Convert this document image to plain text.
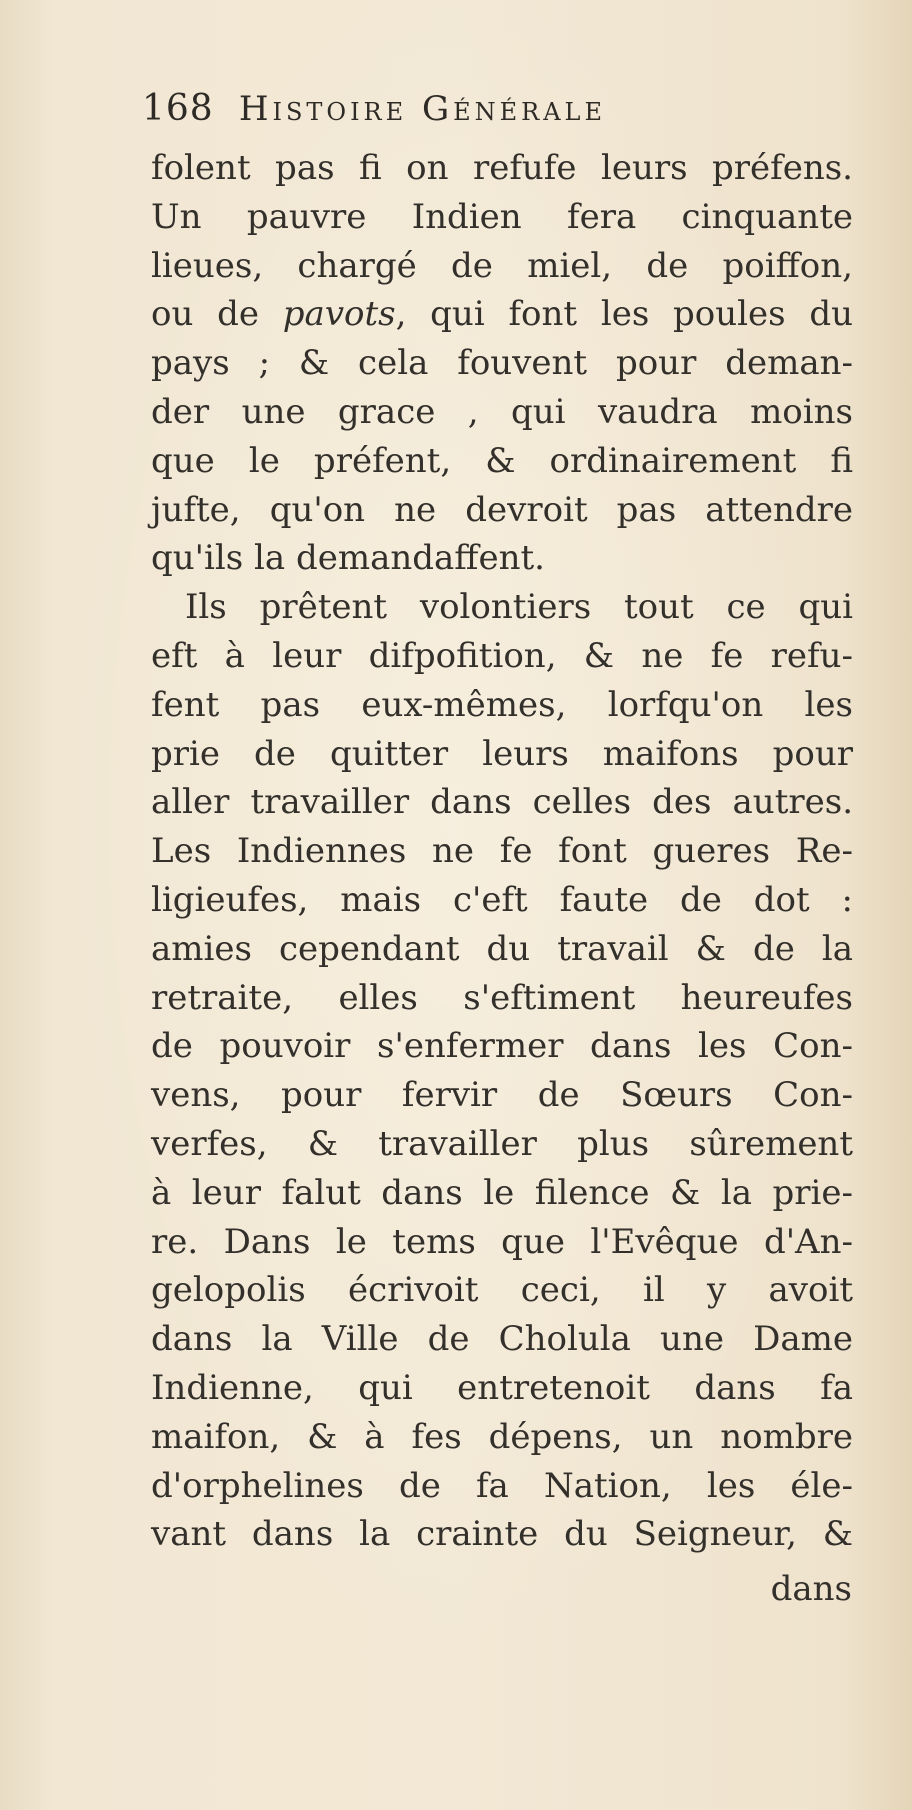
168 Histoire Générale
folent pas fi on refufe leurs préfens.
Un pauvre Indien fera cinquante
lieues, chargé de miel, de poiffon,
ou de pavots, qui font les poules du
pays ; & cela fouvent pour deman-
der une grace , qui vaudra moins
que le préfent, & ordinairement fi
jufte, qu'on ne devroit pas attendre
qu'ils la demandaffent.
Ils prêtent volontiers tout ce qui
eft à leur difpofition, & ne fe refu-
fent pas eux-mêmes, lorfqu'on les
prie de quitter leurs maifons pour
aller travailler dans celles des autres.
Les Indiennes ne fe font gueres Re-
ligieufes, mais c'eft faute de dot :
amies cependant du travail & de la
retraite, elles s'eftiment heureufes
de pouvoir s'enfermer dans les Con-
vens, pour fervir de Sœurs Con-
verfes, & travailler plus sûrement
à leur falut dans le filence & la prie-
re. Dans le tems que l'Evêque d'An-
gelopolis écrivoit ceci, il y avoit
dans la Ville de Cholula une Dame
Indienne, qui entretenoit dans fa
maifon, & à fes dépens, un nombre
d'orphelines de fa Nation, les éle-
vant dans la crainte du Seigneur, &
dans
